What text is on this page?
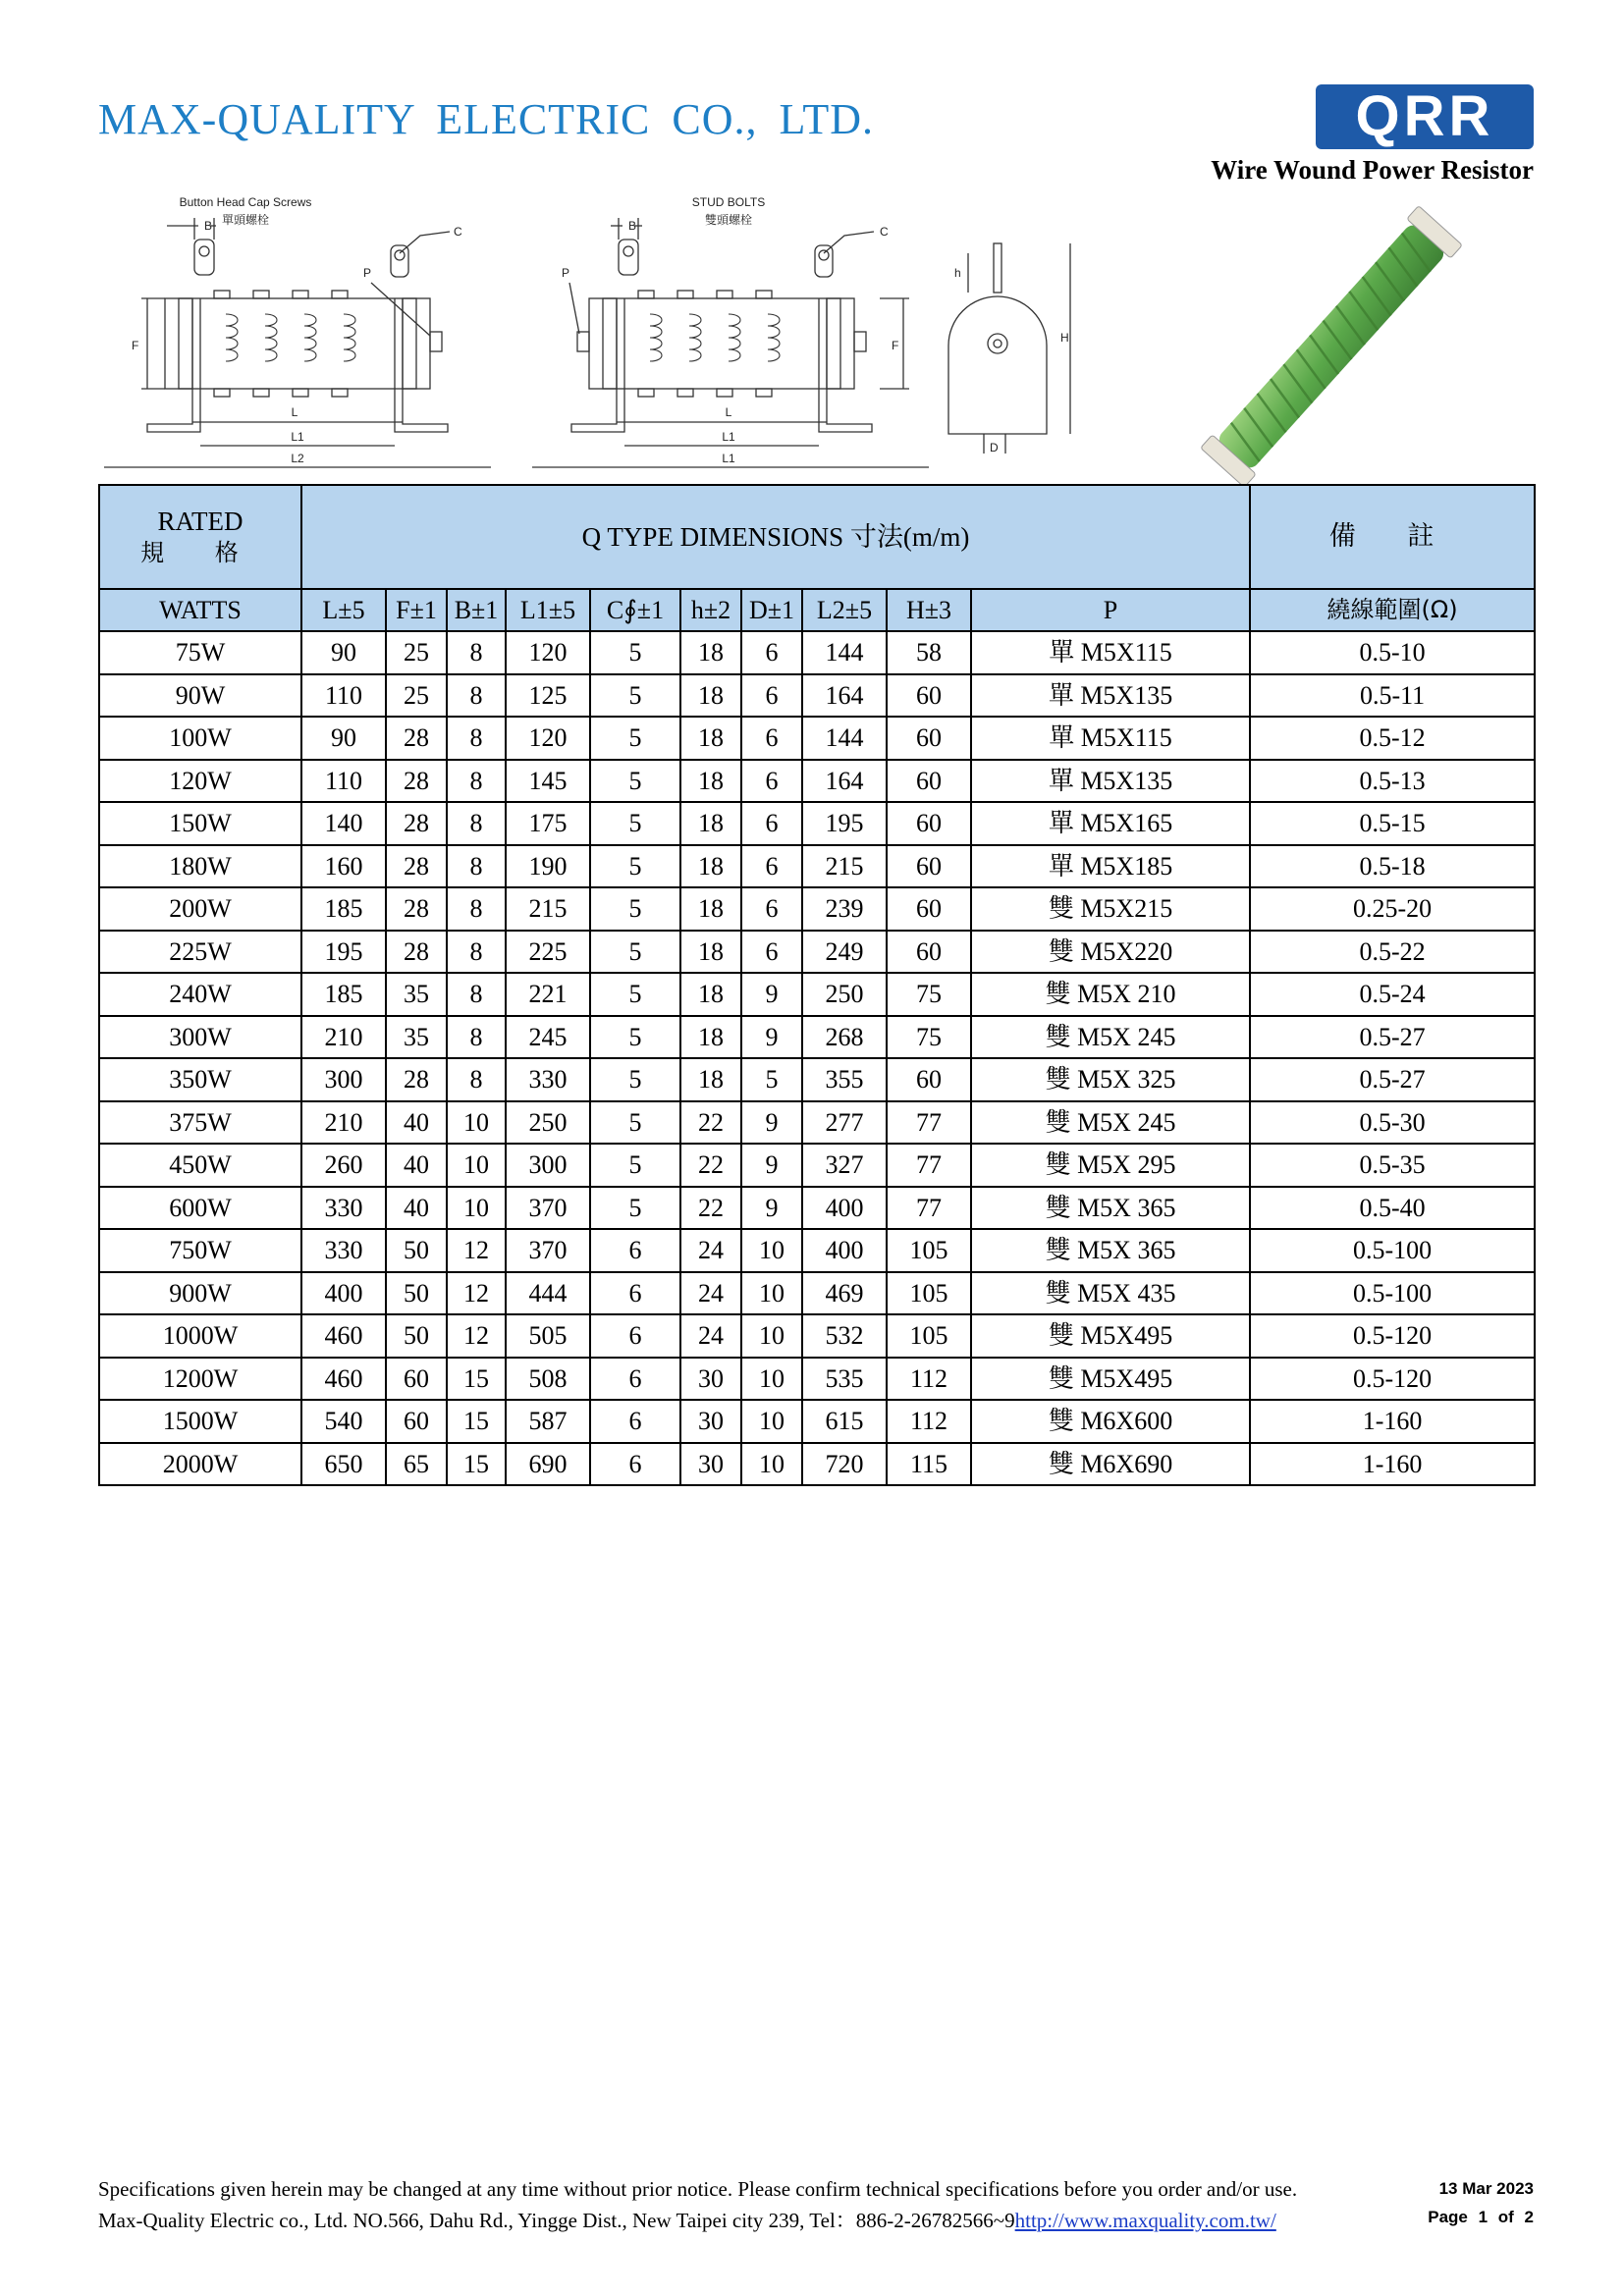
MAX-QUALITY ELECTRIC CO., LTD.	QRR
Wire Wound Power Resistor
Button Head Cap Screws
單頭螺栓
B	C
P
F
L
L1
L2
STUD BOLTS
雙頭螺栓
B	C
P
F
L
L1
L1
h
H
D
RATED
規 格	Q TYPE DIMENSIONS 寸法(m/m)										備 註
WATTS	L±5	F±1	B±1	L1±5	C∮±1	h±2	D±1	L2±5	H±3	P	繞線範圍(Ω)
75W	90	25	8	120	5	18	6	144	58	單 M5X115	0.5-10
90W	110	25	8	125	5	18	6	164	60	單 M5X135	0.5-11
100W	90	28	8	120	5	18	6	144	60	單 M5X115	0.5-12
120W	110	28	8	145	5	18	6	164	60	單 M5X135	0.5-13
150W	140	28	8	175	5	18	6	195	60	單 M5X165	0.5-15
180W	160	28	8	190	5	18	6	215	60	單 M5X185	0.5-18
200W	185	28	8	215	5	18	6	239	60	雙 M5X215	0.25-20
225W	195	28	8	225	5	18	6	249	60	雙 M5X220	0.5-22
240W	185	35	8	221	5	18	9	250	75	雙 M5X 210	0.5-24
300W	210	35	8	245	5	18	9	268	75	雙 M5X 245	0.5-27
350W	300	28	8	330	5	18	5	355	60	雙 M5X 325	0.5-27
375W	210	40	10	250	5	22	9	277	77	雙 M5X 245	0.5-30
450W	260	40	10	300	5	22	9	327	77	雙 M5X 295	0.5-35
600W	330	40	10	370	5	22	9	400	77	雙 M5X 365	0.5-40
750W	330	50	12	370	6	24	10	400	105	雙 M5X 365	0.5-100
900W	400	50	12	444	6	24	10	469	105	雙 M5X 435	0.5-100
1000W	460	50	12	505	6	24	10	532	105	雙 M5X495	0.5-120
1200W	460	60	15	508	6	30	10	535	112	雙 M5X495	0.5-120
1500W	540	60	15	587	6	30	10	615	112	雙 M6X600	1-160
2000W	650	65	15	690	6	30	10	720	115	雙 M6X690	1-160
Specifications given herein may be changed at any time without prior notice. Please confirm technical specifications before you order and/or use.
Max-Quality Electric co., Ltd. NO.566, Dahu Rd., Yingge Dist., New Taipei city 239, Tel：886-2-26782566~9http://www.maxquality.com.tw/
13 Mar 2023
Page 1 of 2
